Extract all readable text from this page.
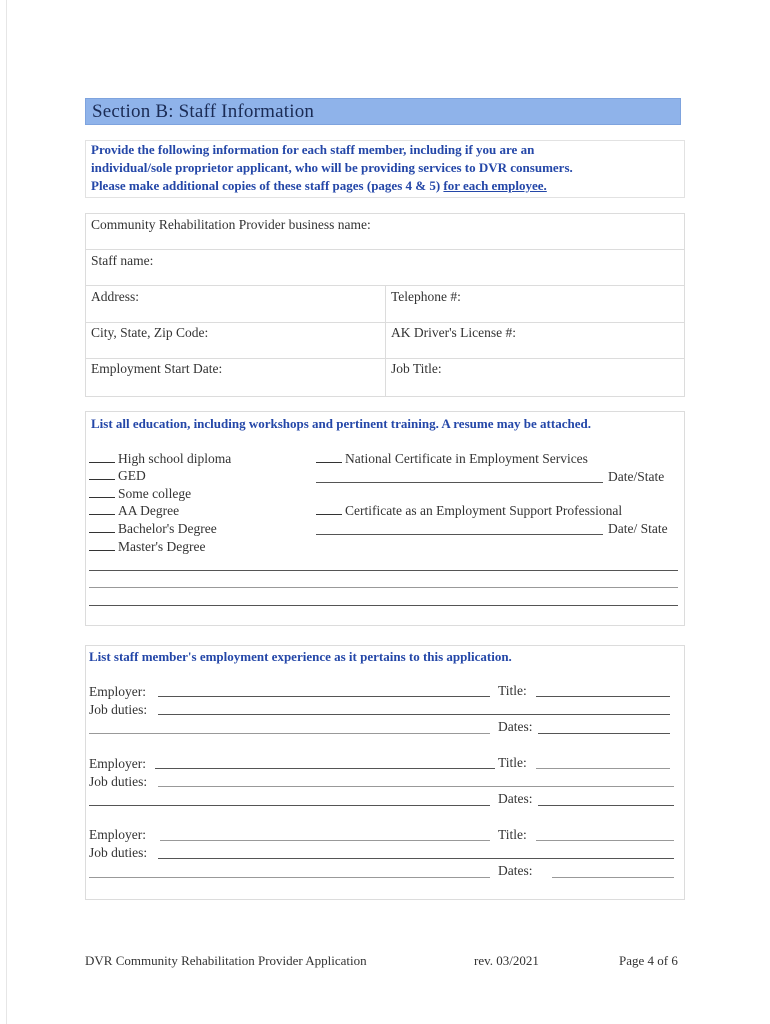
Section B: Staff Information
Provide the following information for each staff member, including if you are an
individual/sole proprietor applicant, who will be providing services to DVR consumers.
Please make additional copies of these staff pages (pages 4 & 5) for each employee.
Community Rehabilitation Provider business name:
Staff name:
Address:	Telephone #:
City, State, Zip Code:	AK Driver's License #:
Employment Start Date:	Job Title:
List all education, including workshops and pertinent training. A resume may be attached.
High school diploma
GED
Some college
AA Degree
Bachelor's Degree
Master's Degree
National Certificate in Employment Services
Date/State
Certificate as an Employment Support Professional
Date/ State
List staff member's employment experience as it pertains to this application.
Employer:	Title:
Job duties:
Dates:
Employer:	Title:
Job duties:
Dates:
Employer:	Title:
Job duties:
Dates:
DVR Community Rehabilitation Provider Application	rev. 03/2021	Page 4 of 6
